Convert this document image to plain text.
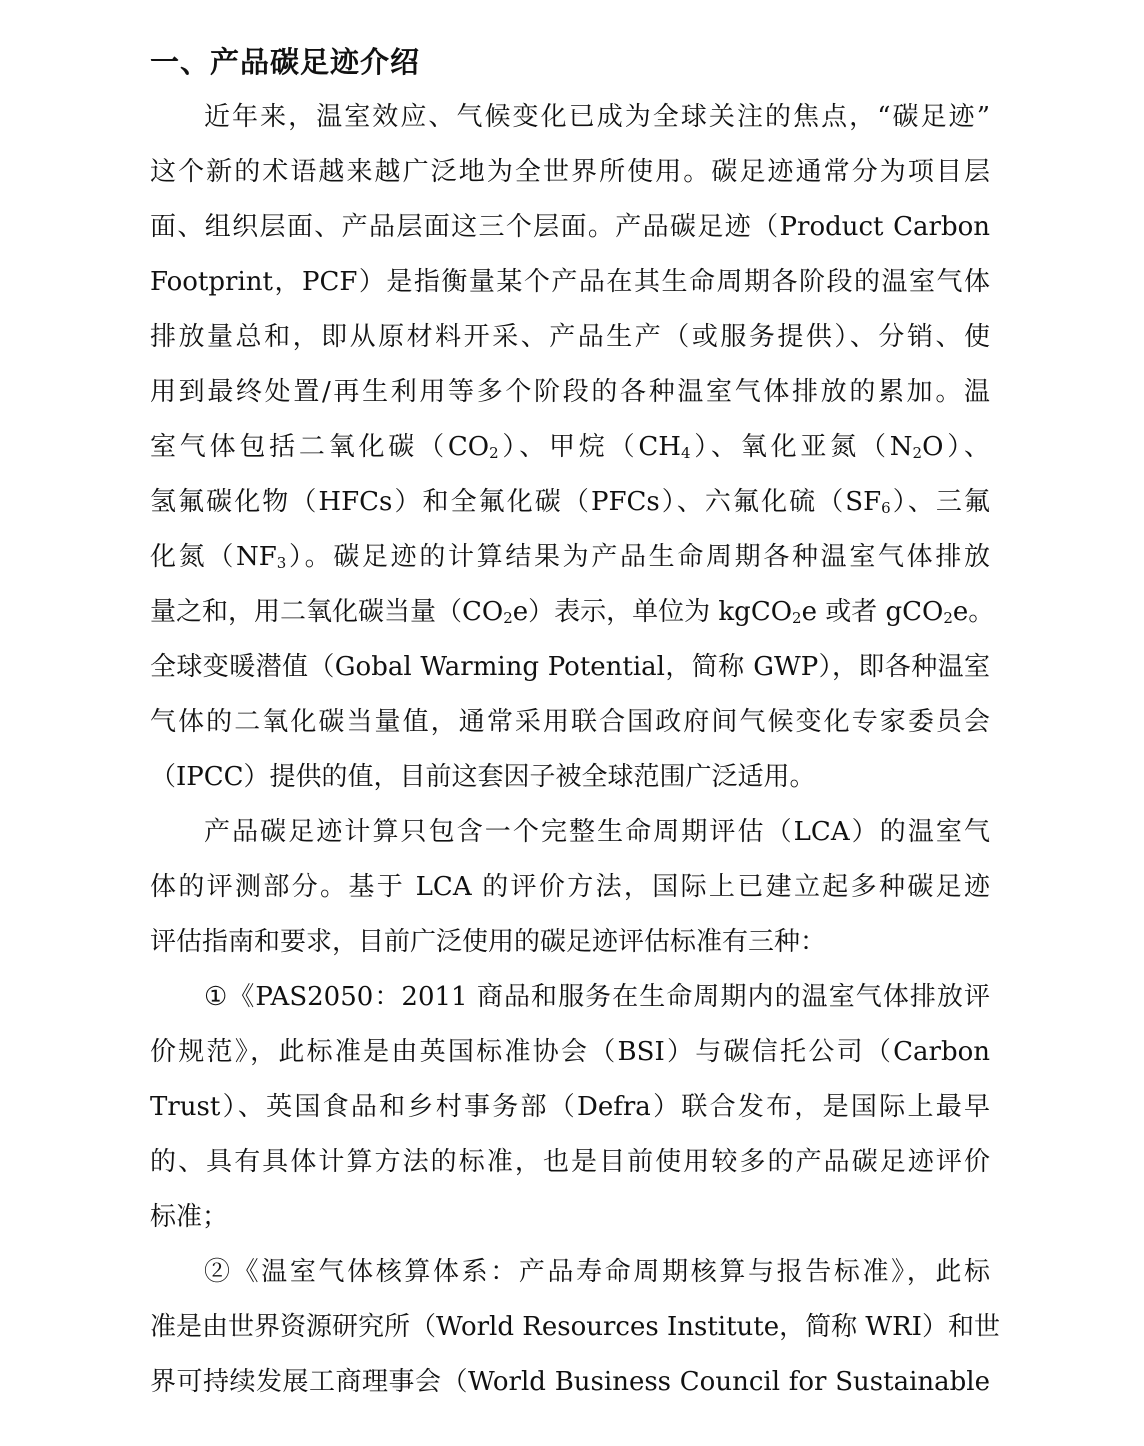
一、产品碳足迹介绍

近年来，温室效应、气候变化已成为全球关注的焦点，“碳足迹”
这个新的术语越来越广泛地为全世界所使用。碳足迹通常分为项目层
面、组织层面、产品层面这三个层面。产品碳足迹（Product Carbon
Footprint，PCF）是指衡量某个产品在其生命周期各阶段的温室气体
排放量总和，即从原材料开采、产品生产（或服务提供）、分销、使
用到最终处置/再生利用等多个阶段的各种温室气体排放的累加。温
室气体包括二氧化碳$(CO_2)$、甲烷$(CH_4)$、氧化亚氮$(N_2O)$、
氢氟碳化物（HFCs）和全氟化碳（PFCs）、六氟化硫$(SF_6)$、三氟
化氮$(NF_3)$。碳足迹的计算结果为产品生命周期各种温室气体排放
量之和，用二氧化碳当量$(CO_2e)$表示，单位为 kgCO$_2$e 或者 gCO$_2$e。
全球变暖潜值（Gobal Warming Potential，简称 GWP），即各种温室
气体的二氧化碳当量值，通常采用联合国政府间气候变化专家委员会
（IPCC）提供的值，目前这套因子被全球范围广泛适用。

产品碳足迹计算只包含一个完整生命周期评估（LCA）的温室气
体的评测部分。基于 LCA 的评价方法，国际上已建立起多种碳足迹
评估指南和要求，目前广泛使用的碳足迹评估标准有三种：

①《PAS2050：2011 商品和服务在生命周期内的温室气体排放评
价规范》，此标准是由英国标准协会（BSI）与碳信托公司（Carbon
Trust）、英国食品和乡村事务部（Defra）联合发布，是国际上最早
的、具有具体计算方法的标准，也是目前使用较多的产品碳足迹评价
标准；

②《温室气体核算体系：产品寿命周期核算与报告标准》，此标
准是由世界资源研究所（World Resources Institute，简称 WRI）和世
界可持续发展工商理事会（World Business Council for Sustainable
